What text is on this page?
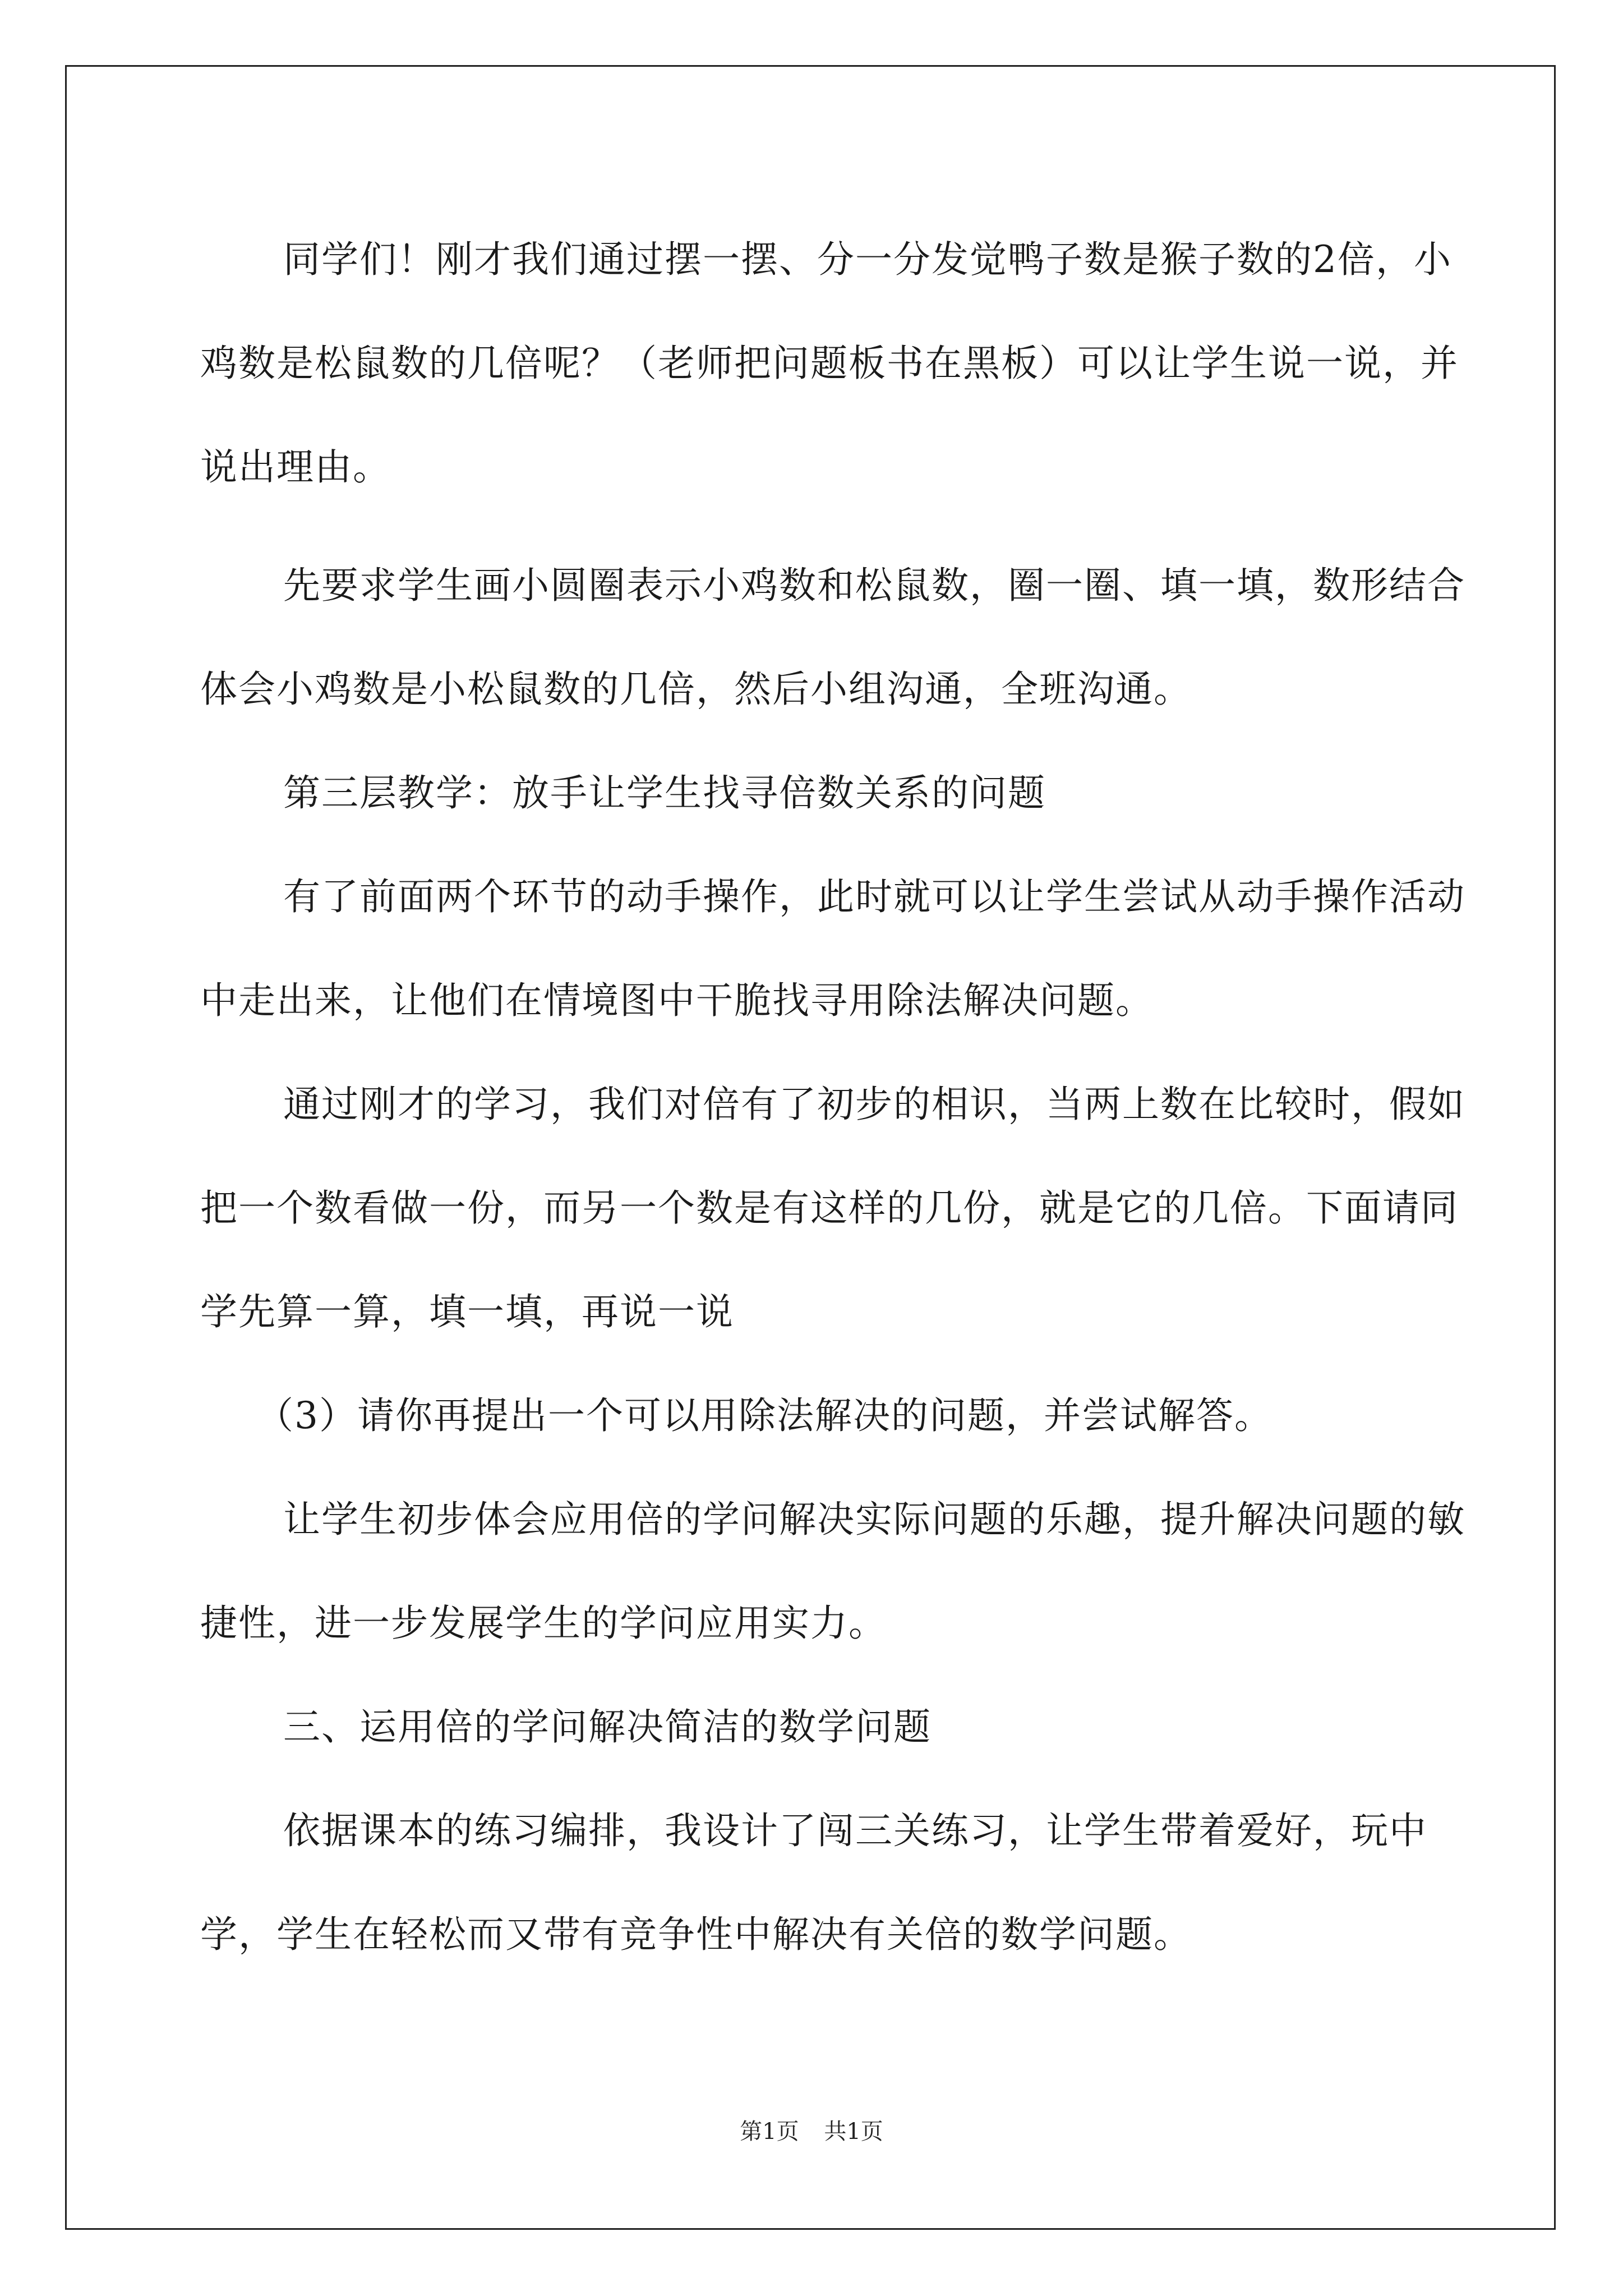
同学们！刚才我们通过摆一摆、分一分发觉鸭子数是猴子数的2倍，小鸡数是松鼠数的几倍呢？（老师把问题板书在黑板）可以让学生说一说，并说出理由。

先要求学生画小圆圈表示小鸡数和松鼠数，圈一圈、填一填，数形结合体会小鸡数是小松鼠数的几倍，然后小组沟通，全班沟通。

第三层教学：放手让学生找寻倍数关系的问题

有了前面两个环节的动手操作，此时就可以让学生尝试从动手操作活动中走出来，让他们在情境图中干脆找寻用除法解决问题。

通过刚才的学习，我们对倍有了初步的相识，当两上数在比较时，假如把一个数看做一份，而另一个数是有这样的几份，就是它的几倍。下面请同学先算一算，填一填，再说一说

（3）请你再提出一个可以用除法解决的问题，并尝试解答。

让学生初步体会应用倍的学问解决实际问题的乐趣，提升解决问题的敏捷性，进一步发展学生的学问应用实力。

三、运用倍的学问解决简洁的数学问题

依据课本的练习编排，我设计了闯三关练习，让学生带着爱好，玩中学，学生在轻松而又带有竞争性中解决有关倍的数学问题。

第1页 共1页
